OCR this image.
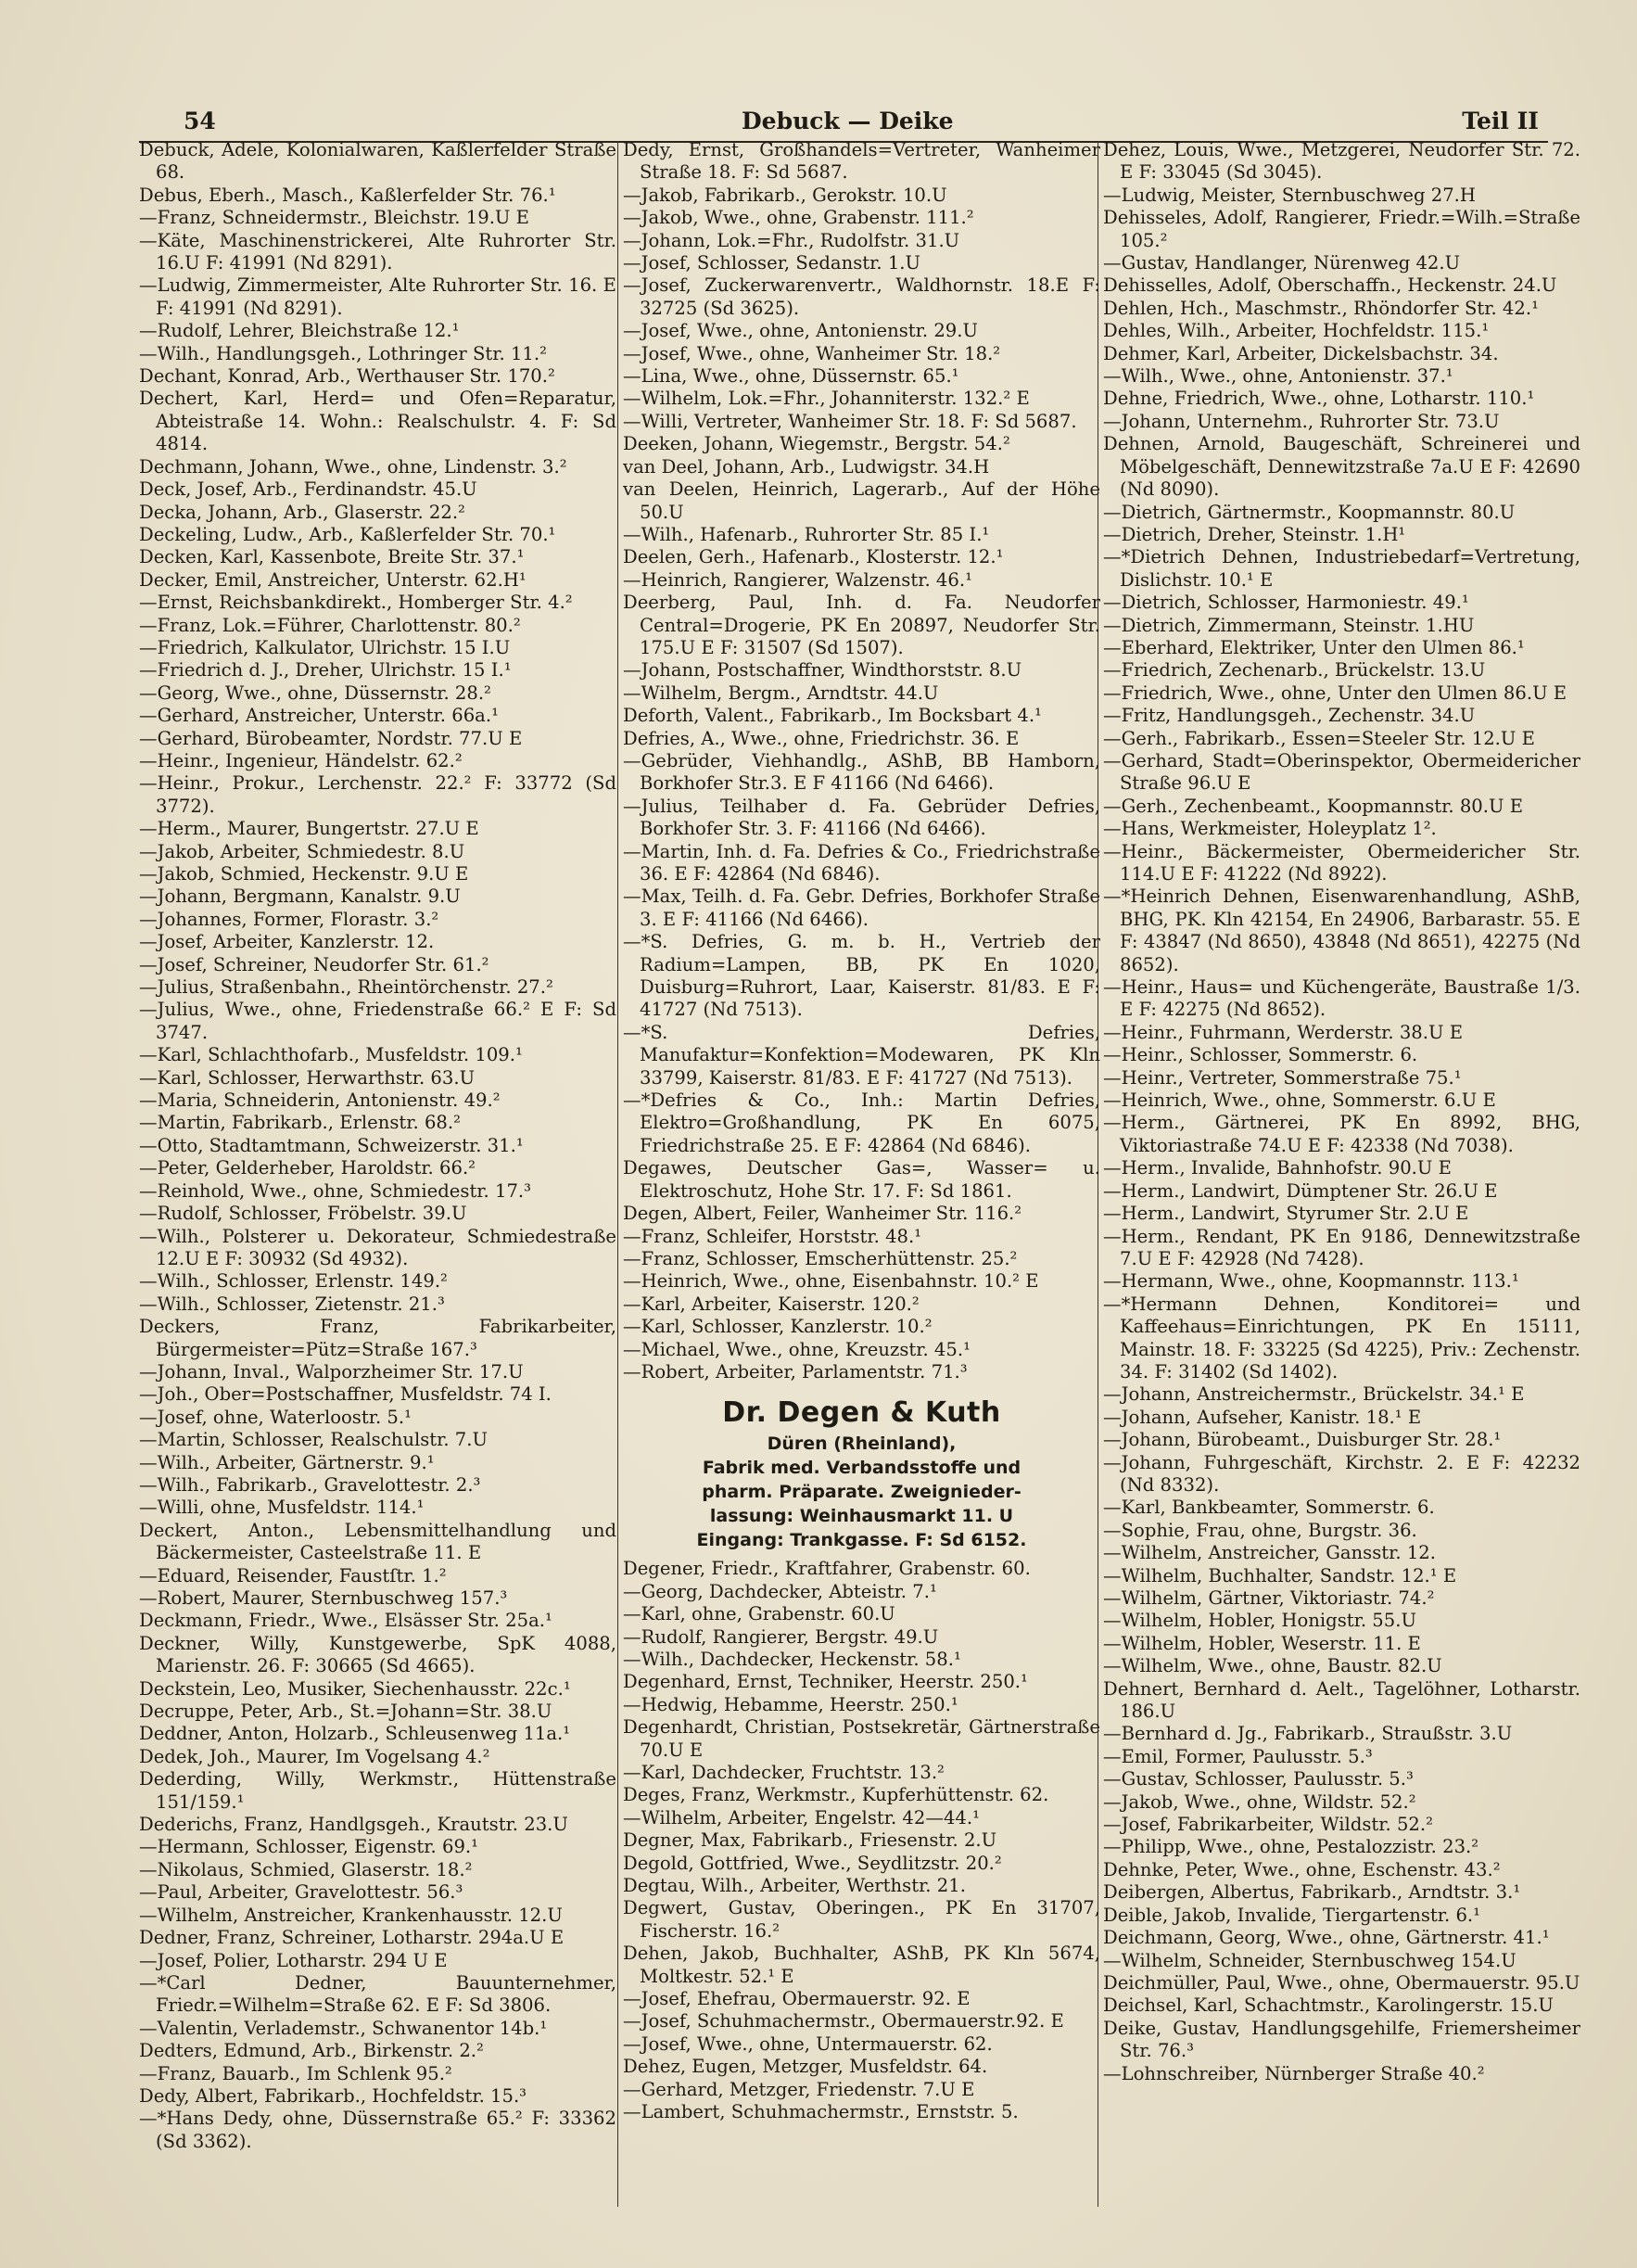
54	Debuck — Deike	Teil II

Debuck, Adele, Kolonialwaren, Kaßlerfelder Straße 68.

Debus, Eberh., Masch., Kaßlerfelder Str. 76.¹

—Franz, Schneidermstr., Bleichstr. 19.U E

—Käte, Maschinenstrickerei, Alte Ruhrorter Str. 16.U F: 41991 (Nd 8291).

—Ludwig, Zimmermeister, Alte Ruhrorter Str. 16. E F: 41991 (Nd 8291).

—Rudolf, Lehrer, Bleichstraße 12.¹

—Wilh., Handlungsgeh., Lothringer Str. 11.²

Dechant, Konrad, Arb., Werthauser Str. 170.²

Dechert, Karl, Herd= und Ofen=Reparatur, Abteistraße 14. Wohn.: Realschulstr. 4. F: Sd 4814.

Dechmann, Johann, Wwe., ohne, Lindenstr. 3.²

Deck, Josef, Arb., Ferdinandstr. 45.U

Decka, Johann, Arb., Glaserstr. 22.²

Deckeling, Ludw., Arb., Kaßlerfelder Str. 70.¹

Decken, Karl, Kassenbote, Breite Str. 37.¹

Decker, Emil, Anstreicher, Unterstr. 62.H¹

—Ernst, Reichsbankdirekt., Homberger Str. 4.²

—Franz, Lok.=Führer, Charlottenstr. 80.²

—Friedrich, Kalkulator, Ulrichstr. 15 I.U

—Friedrich d. J., Dreher, Ulrichstr. 15 I.¹

—Georg, Wwe., ohne, Düssernstr. 28.²

—Gerhard, Anstreicher, Unterstr. 66a.¹

—Gerhard, Bürobeamter, Nordstr. 77.U E

—Heinr., Ingenieur, Händelstr. 62.²

—Heinr., Prokur., Lerchenstr. 22.² F: 33772 (Sd 3772).

—Herm., Maurer, Bungertstr. 27.U E

—Jakob, Arbeiter, Schmiedestr. 8.U

—Jakob, Schmied, Heckenstr. 9.U E

—Johann, Bergmann, Kanalstr. 9.U

—Johannes, Former, Florastr. 3.²

—Josef, Arbeiter, Kanzlerstr. 12.

—Josef, Schreiner, Neudorfer Str. 61.²

—Julius, Straßenbahn., Rheintörchenstr. 27.²

—Julius, Wwe., ohne, Friedenstraße 66.² E F: Sd 3747.

—Karl, Schlachthofarb., Musfeldstr. 109.¹

—Karl, Schlosser, Herwarthstr. 63.U

—Maria, Schneiderin, Antonienstr. 49.²

—Martin, Fabrikarb., Erlenstr. 68.²

—Otto, Stadtamtmann, Schweizerstr. 31.¹

—Peter, Gelderheber, Haroldstr. 66.²

—Reinhold, Wwe., ohne, Schmiedestr. 17.³

—Rudolf, Schlosser, Fröbelstr. 39.U

—Wilh., Polsterer u. Dekorateur, Schmiedestraße 12.U E F: 30932 (Sd 4932).

—Wilh., Schlosser, Erlenstr. 149.²

—Wilh., Schlosser, Zietenstr. 21.³

Deckers, Franz, Fabrikarbeiter, Bürgermeister=Pütz=Straße 167.³

—Johann, Inval., Walporzheimer Str. 17.U

—Joh., Ober=Postschaffner, Musfeldstr. 74 I.

—Josef, ohne, Waterloostr. 5.¹

—Martin, Schlosser, Realschulstr. 7.U

—Wilh., Arbeiter, Gärtnerstr. 9.¹

—Wilh., Fabrikarb., Gravelottestr. 2.³

—Willi, ohne, Musfeldstr. 114.¹

Deckert, Anton., Lebensmittelhandlung und Bäckermeister, Casteelstraße 11. E

—Eduard, Reisender, Faustſtr. 1.²

—Robert, Maurer, Sternbuschweg 157.³

Deckmann, Friedr., Wwe., Elsässer Str. 25a.¹

Deckner, Willy, Kunstgewerbe, SpK 4088, Marienstr. 26. F: 30665 (Sd 4665).

Deckstein, Leo, Musiker, Siechenhausstr. 22c.¹

Decruppe, Peter, Arb., St.=Johann=Str. 38.U

Deddner, Anton, Holzarb., Schleusenweg 11a.¹

Dedek, Joh., Maurer, Im Vogelsang 4.²

Dederding, Willy, Werkmstr., Hüttenstraße 151/159.¹

Dederichs, Franz, Handlgsgeh., Krautstr. 23.U

—Hermann, Schlosser, Eigenstr. 69.¹

—Nikolaus, Schmied, Glaserstr. 18.²

—Paul, Arbeiter, Gravelottestr. 56.³

—Wilhelm, Anstreicher, Krankenhausstr. 12.U

Dedner, Franz, Schreiner, Lotharstr. 294a.U E

—Josef, Polier, Lotharstr. 294 U E

—*Carl Dedner, Bauunternehmer, Friedr.=Wilhelm=Straße 62. E F: Sd 3806.

—Valentin, Verlademstr., Schwanentor 14b.¹

Dedters, Edmund, Arb., Birkenstr. 2.²

—Franz, Bauarb., Im Schlenk 95.²

Dedy, Albert, Fabrikarb., Hochfeldstr. 15.³

—*Hans Dedy, ohne, Düssernstraße 65.² F: 33362 (Sd 3362).

Dedy, Ernst, Großhandels=Vertreter, Wanheimer Straße 18. F: Sd 5687.

—Jakob, Fabrikarb., Gerokstr. 10.U

—Jakob, Wwe., ohne, Grabenstr. 111.²

—Johann, Lok.=Fhr., Rudolfstr. 31.U

—Josef, Schlosser, Sedanstr. 1.U

—Josef, Zuckerwarenvertr., Waldhornstr. 18.E F: 32725 (Sd 3625).

—Josef, Wwe., ohne, Antonienstr. 29.U

—Josef, Wwe., ohne, Wanheimer Str. 18.²

—Lina, Wwe., ohne, Düssernstr. 65.¹

—Wilhelm, Lok.=Fhr., Johanniterstr. 132.² E

—Willi, Vertreter, Wanheimer Str. 18. F: Sd 5687.

Deeken, Johann, Wiegemstr., Bergstr. 54.²

van Deel, Johann, Arb., Ludwigstr. 34.H

van Deelen, Heinrich, Lagerarb., Auf der Höhe 50.U

—Wilh., Hafenarb., Ruhrorter Str. 85 I.¹

Deelen, Gerh., Hafenarb., Klosterstr. 12.¹

—Heinrich, Rangierer, Walzenstr. 46.¹

Deerberg, Paul, Inh. d. Fa. Neudorfer Central=Drogerie, PK En 20897, Neudorfer Str. 175.U E F: 31507 (Sd 1507).

—Johann, Postschaffner, Windthorststr. 8.U

—Wilhelm, Bergm., Arndtstr. 44.U

Deforth, Valent., Fabrikarb., Im Bocksbart 4.¹

Defries, A., Wwe., ohne, Friedrichstr. 36. E

—Gebrüder, Viehhandlg., AShB, BB Hamborn, Borkhofer Str.3. E F 41166 (Nd 6466).

—Julius, Teilhaber d. Fa. Gebrüder Defries, Borkhofer Str. 3. F: 41166 (Nd 6466).

—Martin, Inh. d. Fa. Defries & Co., Friedrichstraße 36. E F: 42864 (Nd 6846).

—Max, Teilh. d. Fa. Gebr. Defries, Borkhofer Straße 3. E F: 41166 (Nd 6466).

—*S. Defries, G. m. b. H., Vertrieb der Radium=Lampen, BB, PK En 1020, Duisburg=Ruhrort, Laar, Kaiserstr. 81/83. E F: 41727 (Nd 7513).

—*S. Defries, Manufaktur=Konfektion=Modewaren, PK Kln 33799, Kaiserstr. 81/83. E F: 41727 (Nd 7513).

—*Defries & Co., Inh.: Martin Defries, Elektro=Großhandlung, PK En 6075, Friedrichstraße 25. E F: 42864 (Nd 6846).

Degawes, Deutscher Gas=, Wasser= u. Elektroschutz, Hohe Str. 17. F: Sd 1861.

Degen, Albert, Feiler, Wanheimer Str. 116.²

—Franz, Schleifer, Horststr. 48.¹

—Franz, Schlosser, Emscherhüttenstr. 25.²

—Heinrich, Wwe., ohne, Eisenbahnstr. 10.² E

—Karl, Arbeiter, Kaiserstr. 120.²

—Karl, Schlosser, Kanzlerstr. 10.²

—Michael, Wwe., ohne, Kreuzstr. 45.¹

—Robert, Arbeiter, Parlamentstr. 71.³

Dr. Degen & Kuth
Düren (Rheinland),
Fabrik med. Verbandsstoffe und
pharm. Präparate. Zweignieder-
lassung: Weinhausmarkt 11. U
Eingang: Trankgasse. F: Sd 6152.

Degener, Friedr., Kraftfahrer, Grabenstr. 60.

—Georg, Dachdecker, Abteistr. 7.¹

—Karl, ohne, Grabenstr. 60.U

—Rudolf, Rangierer, Bergstr. 49.U

—Wilh., Dachdecker, Heckenstr. 58.¹

Degenhard, Ernst, Techniker, Heerstr. 250.¹

—Hedwig, Hebamme, Heerstr. 250.¹

Degenhardt, Christian, Postsekretär, Gärtnerstraße 70.U E

—Karl, Dachdecker, Fruchtstr. 13.²

Deges, Franz, Werkmstr., Kupferhüttenstr. 62.

—Wilhelm, Arbeiter, Engelstr. 42—44.¹

Degner, Max, Fabrikarb., Friesenstr. 2.U

Degold, Gottfried, Wwe., Seydlitzstr. 20.²

Degtau, Wilh., Arbeiter, Werthstr. 21.

Degwert, Gustav, Oberingen., PK En 31707, Fischerstr. 16.²

Dehen, Jakob, Buchhalter, AShB, PK Kln 5674, Moltkestr. 52.¹ E

—Josef, Ehefrau, Obermauerstr. 92. E

—Josef, Schuhmachermstr., Obermauerstr.92. E

—Josef, Wwe., ohne, Untermauerstr. 62.

Dehez, Eugen, Metzger, Musfeldstr. 64.

—Gerhard, Metzger, Friedenstr. 7.U E

—Lambert, Schuhmachermstr., Ernststr. 5.

Dehez, Louis, Wwe., Metzgerei, Neudorfer Str. 72. E F: 33045 (Sd 3045).

—Ludwig, Meister, Sternbuschweg 27.H

Dehisseles, Adolf, Rangierer, Friedr.=Wilh.=Straße 105.²

—Gustav, Handlanger, Nürenweg 42.U

Dehisselles, Adolf, Oberschaffn., Heckenstr. 24.U

Dehlen, Hch., Maschmstr., Rhöndorfer Str. 42.¹

Dehles, Wilh., Arbeiter, Hochfeldstr. 115.¹

Dehmer, Karl, Arbeiter, Dickelsbachstr. 34.

—Wilh., Wwe., ohne, Antonienstr. 37.¹

Dehne, Friedrich, Wwe., ohne, Lotharstr. 110.¹

—Johann, Unternehm., Ruhrorter Str. 73.U

Dehnen, Arnold, Baugeschäft, Schreinerei und Möbelgeschäft, Dennewitzstraße 7a.U E F: 42690 (Nd 8090).

—Dietrich, Gärtnermstr., Koopmannstr. 80.U

—Dietrich, Dreher, Steinstr. 1.H¹

—*Dietrich Dehnen, Industriebedarf=Vertretung, Dislichstr. 10.¹ E

—Dietrich, Schlosser, Harmoniestr. 49.¹

—Dietrich, Zimmermann, Steinstr. 1.HU

—Eberhard, Elektriker, Unter den Ulmen 86.¹

—Friedrich, Zechenarb., Brückelstr. 13.U

—Friedrich, Wwe., ohne, Unter den Ulmen 86.U E

—Fritz, Handlungsgeh., Zechenstr. 34.U

—Gerh., Fabrikarb., Essen=Steeler Str. 12.U E

—Gerhard, Stadt=Oberinspektor, Obermeidericher Straße 96.U E

—Gerh., Zechenbeamt., Koopmannstr. 80.U E

—Hans, Werkmeister, Holeyplatz 1².

—Heinr., Bäckermeister, Obermeidericher Str. 114.U E F: 41222 (Nd 8922).

—*Heinrich Dehnen, Eisenwarenhandlung, AShB, BHG, PK. Kln 42154, En 24906, Barbarastr. 55. E F: 43847 (Nd 8650), 43848 (Nd 8651), 42275 (Nd 8652).

—Heinr., Haus= und Küchengeräte, Baustraße 1/3. E F: 42275 (Nd 8652).

—Heinr., Fuhrmann, Werderstr. 38.U E

—Heinr., Schlosser, Sommerstr. 6.

—Heinr., Vertreter, Sommerstraße 75.¹

—Heinrich, Wwe., ohne, Sommerstr. 6.U E

—Herm., Gärtnerei, PK En 8992, BHG, Viktoriastraße 74.U E F: 42338 (Nd 7038).

—Herm., Invalide, Bahnhofstr. 90.U E

—Herm., Landwirt, Dümptener Str. 26.U E

—Herm., Landwirt, Styrumer Str. 2.U E

—Herm., Rendant, PK En 9186, Dennewitzstraße 7.U E F: 42928 (Nd 7428).

—Hermann, Wwe., ohne, Koopmannstr. 113.¹

—*Hermann Dehnen, Konditorei= und Kaffeehaus=Einrichtungen, PK En 15111, Mainstr. 18. F: 33225 (Sd 4225), Priv.: Zechenstr. 34. F: 31402 (Sd 1402).

—Johann, Anstreichermstr., Brückelstr. 34.¹ E

—Johann, Aufseher, Kanistr. 18.¹ E

—Johann, Bürobeamt., Duisburger Str. 28.¹

—Johann, Fuhrgeschäft, Kirchstr. 2. E F: 42232 (Nd 8332).

—Karl, Bankbeamter, Sommerstr. 6.

—Sophie, Frau, ohne, Burgstr. 36.

—Wilhelm, Anstreicher, Gansstr. 12.

—Wilhelm, Buchhalter, Sandstr. 12.¹ E

—Wilhelm, Gärtner, Viktoriastr. 74.²

—Wilhelm, Hobler, Honigstr. 55.U

—Wilhelm, Hobler, Weserstr. 11. E

—Wilhelm, Wwe., ohne, Baustr. 82.U

Dehnert, Bernhard d. Aelt., Tagelöhner, Lotharstr. 186.U

—Bernhard d. Jg., Fabrikarb., Straußstr. 3.U

—Emil, Former, Paulusstr. 5.³

—Gustav, Schlosser, Paulusstr. 5.³

—Jakob, Wwe., ohne, Wildstr. 52.²

—Josef, Fabrikarbeiter, Wildstr. 52.²

—Philipp, Wwe., ohne, Pestalozzistr. 23.²

Dehnke, Peter, Wwe., ohne, Eschenstr. 43.²

Deibergen, Albertus, Fabrikarb., Arndtstr. 3.¹

Deible, Jakob, Invalide, Tiergartenstr. 6.¹

Deichmann, Georg, Wwe., ohne, Gärtnerstr. 41.¹

—Wilhelm, Schneider, Sternbuschweg 154.U

Deichmüller, Paul, Wwe., ohne, Obermauerstr. 95.U

Deichsel, Karl, Schachtmstr., Karolingerstr. 15.U

Deike, Gustav, Handlungsgehilfe, Friemersheimer Str. 76.³

—Lohnschreiber, Nürnberger Straße 40.²
